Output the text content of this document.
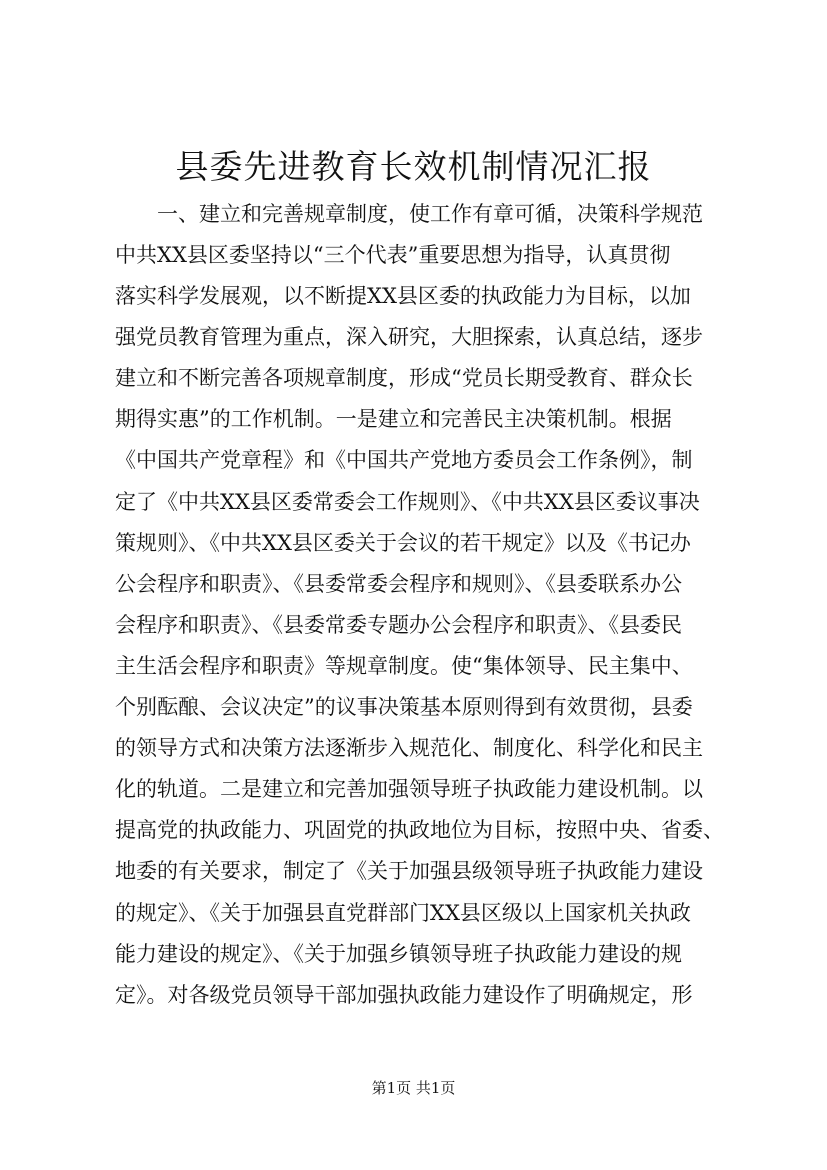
县委先进教育长效机制情况汇报
　　一、建立和完善规章制度，使工作有章可循，决策科学规范
中共XX县区委坚持以“三个代表”重要思想为指导，认真贯彻
落实科学发展观，以不断提XX县区委的执政能力为目标，以加
强党员教育管理为重点，深入研究，大胆探索，认真总结，逐步
建立和不断完善各项规章制度，形成“党员长期受教育、群众长
期得实惠”的工作机制。一是建立和完善民主决策机制。根据
《中国共产党章程》和《中国共产党地方委员会工作条例》，制
定了《中共XX县区委常委会工作规则》、《中共XX县区委议事决
策规则》、《中共XX县区委关于会议的若干规定》以及《书记办
公会程序和职责》、《县委常委会程序和规则》、《县委联系办公
会程序和职责》、《县委常委专题办公会程序和职责》、《县委民
主生活会程序和职责》等规章制度。使“集体领导、民主集中、
个别酝酿、会议决定”的议事决策基本原则得到有效贯彻，县委
的领导方式和决策方法逐渐步入规范化、制度化、科学化和民主
化的轨道。二是建立和完善加强领导班子执政能力建设机制。以
提高党的执政能力、巩固党的执政地位为目标，按照中央、省委、
地委的有关要求，制定了《关于加强县级领导班子执政能力建设
的规定》、《关于加强县直党群部门XX县区级以上国家机关执政
能力建设的规定》、《关于加强乡镇领导班子执政能力建设的规
定》。对各级党员领导干部加强执政能力建设作了明确规定，形
第1页 共1页
